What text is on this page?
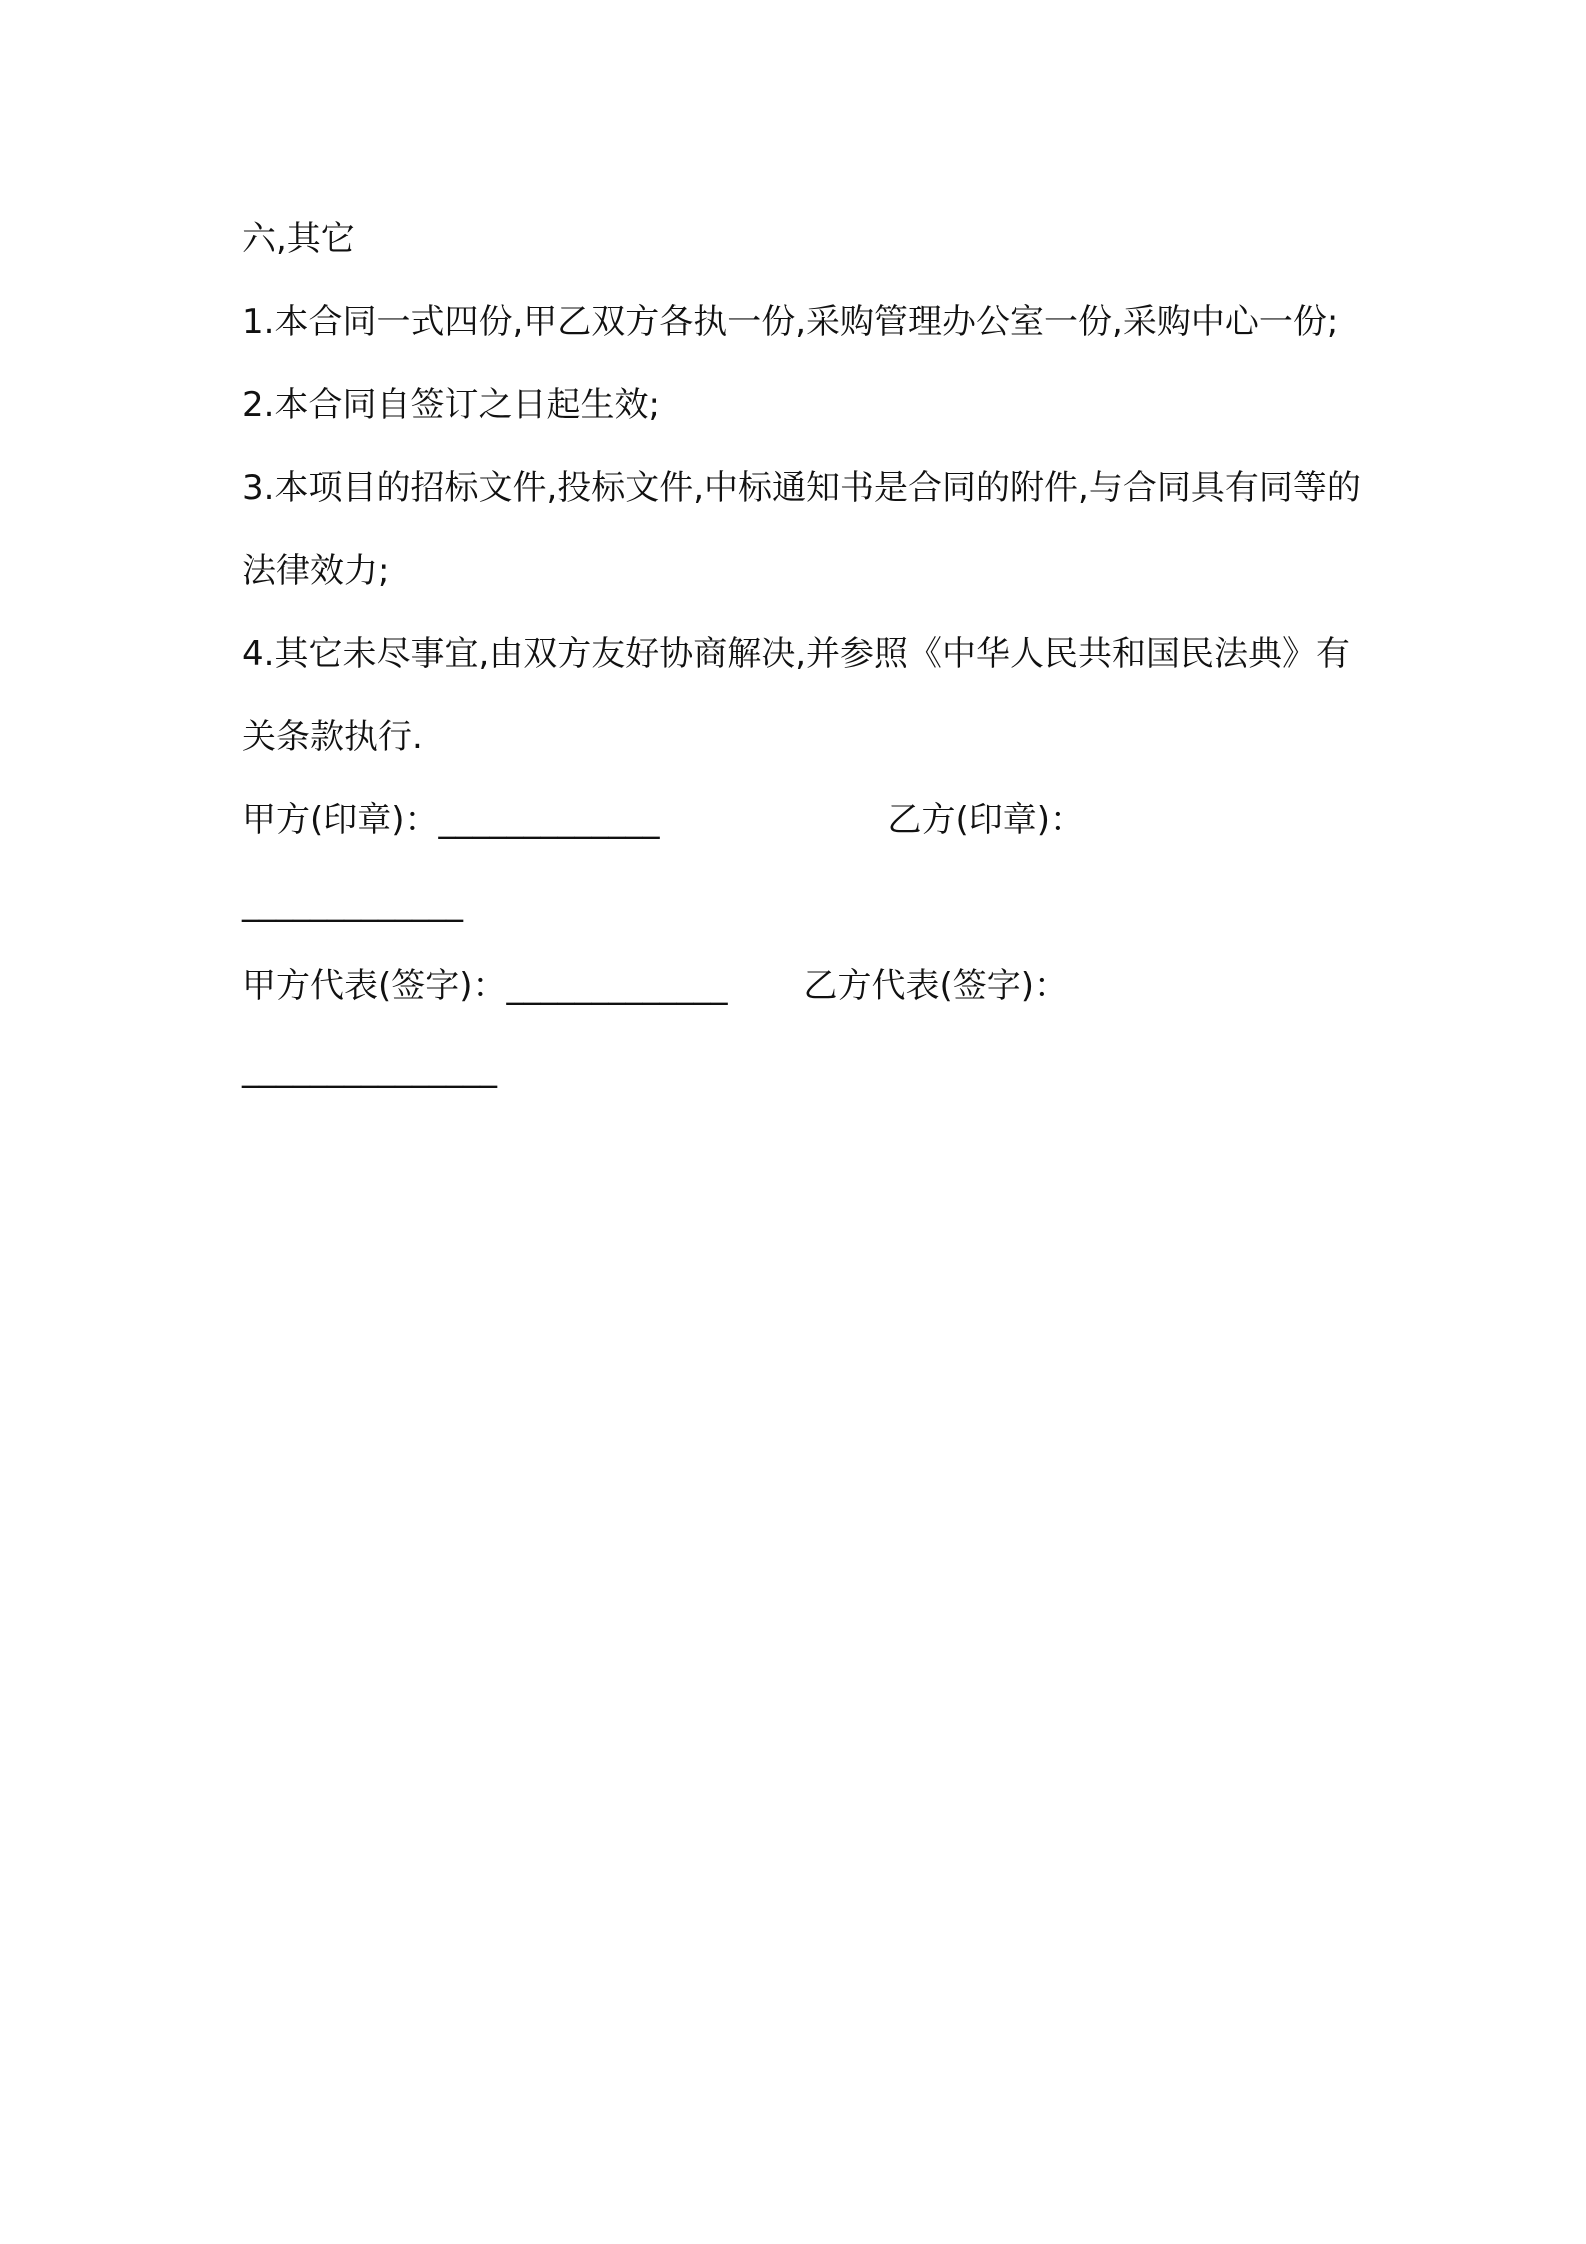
六,其它

1.本合同一式四份,甲乙双方各执一份,采购管理办公室一份,采购中心一份;

2.本合同自签订之日起生效;

3.本项目的招标文件,投标文件,中标通知书是合同的附件,与合同具有同等的法律效力;

4.其它未尽事宜,由双方友好协商解决,并参照《中华人民共和国民法典》有关条款执行.

甲方(印章)：_____________	乙方(印章)：

_____________

甲方代表(签字)：_____________ 乙方代表(签字)：

_______________
